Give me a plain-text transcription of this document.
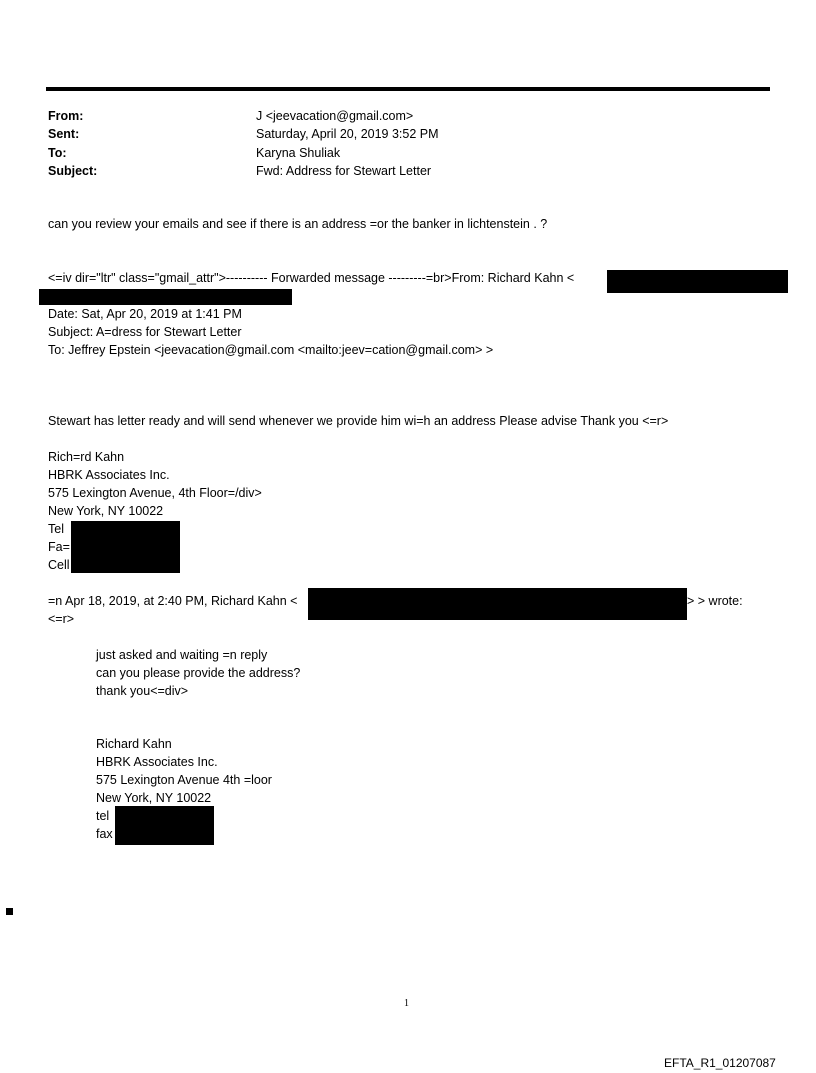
From:	J <jeevacation@gmail.com>
Sent:	Saturday, April 20, 2019 3:52 PM
To:	Karyna Shuliak
Subject:	Fwd: Address for Stewart Letter
can you review your emails and see if there is an address =or the banker in lichtenstein . ?
<=iv dir="ltr" class="gmail_attr">---------- Forwarded message ---------=br>From: Richard Kahn <
Date: Sat, Apr 20, 2019 at 1:41 PM
Subject: A=dress for Stewart Letter
To: Jeffrey Epstein <jeevacation@gmail.com <mailto:jeev=cation@gmail.com> >
Stewart has letter ready and will send whenever we provide him wi=h an address Please advise Thank you <=r>
Rich=rd Kahn
HBRK Associates Inc.
575 Lexington Avenue, 4th Floor=/div>
New York, NY 10022
Tel
Fa=
Cell
=n Apr 18, 2019, at 2:40 PM, Richard Kahn <	> > wrote:
<=r>
just asked and waiting =n reply
can you please provide the address?
thank you<=div>
Richard Kahn
HBRK Associates Inc.
575 Lexington Avenue 4th =loor
New York, NY 10022
tel
fax
1
EFTA_R1_01207087
